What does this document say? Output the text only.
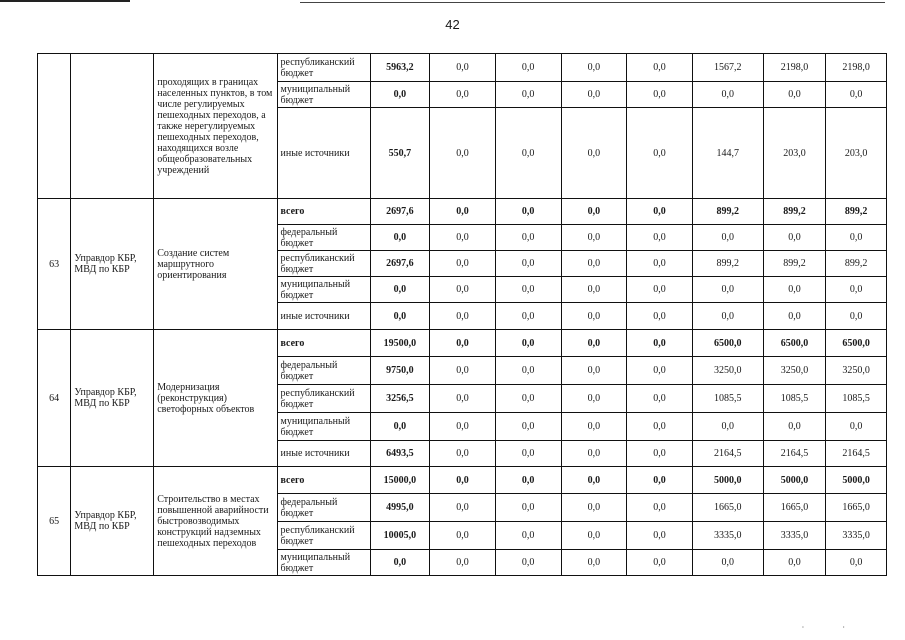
42
		проходящих в границах населенных пунктов, в том числе регулируемых пешеходных переходов, а также нерегулируемых пешеходных переходов, находящихся возле общеобразовательных учреждений	республиканский бюджет	5963,2	0,0	0,0	0,0	0,0	1567,2	2198,0	2198,0
			муниципальный бюджет	0,0	0,0	0,0	0,0	0,0	0,0	0,0	0,0
			иные источники	550,7	0,0	0,0	0,0	0,0	144,7	203,0	203,0
63	Управдор КБР, МВД по КБР	Создание систем маршрутного ориентирования	всего	2697,6	0,0	0,0	0,0	0,0	899,2	899,2	899,2
			федеральный бюджет	0,0	0,0	0,0	0,0	0,0	0,0	0,0	0,0
			республиканский бюджет	2697,6	0,0	0,0	0,0	0,0	899,2	899,2	899,2
			муниципальный бюджет	0,0	0,0	0,0	0,0	0,0	0,0	0,0	0,0
			иные источники	0,0	0,0	0,0	0,0	0,0	0,0	0,0	0,0
64	Управдор КБР, МВД по КБР	Модернизация (реконструкция) светофорных объектов	всего	19500,0	0,0	0,0	0,0	0,0	6500,0	6500,0	6500,0
			федеральный бюджет	9750,0	0,0	0,0	0,0	0,0	3250,0	3250,0	3250,0
			республиканский бюджет	3256,5	0,0	0,0	0,0	0,0	1085,5	1085,5	1085,5
			муниципальный бюджет	0,0	0,0	0,0	0,0	0,0	0,0	0,0	0,0
			иные источники	6493,5	0,0	0,0	0,0	0,0	2164,5	2164,5	2164,5
65	Управдор КБР, МВД по КБР	Строительство в местах повышенной аварийности быстровозводимых конструкций надземных пешеходных переходов	всего	15000,0	0,0	0,0	0,0	0,0	5000,0	5000,0	5000,0
			федеральный бюджет	4995,0	0,0	0,0	0,0	0,0	1665,0	1665,0	1665,0
			республиканский бюджет	10005,0	0,0	0,0	0,0	0,0	3335,0	3335,0	3335,0
			муниципальный бюджет	0,0	0,0	0,0	0,0	0,0	0,0	0,0	0,0
··
